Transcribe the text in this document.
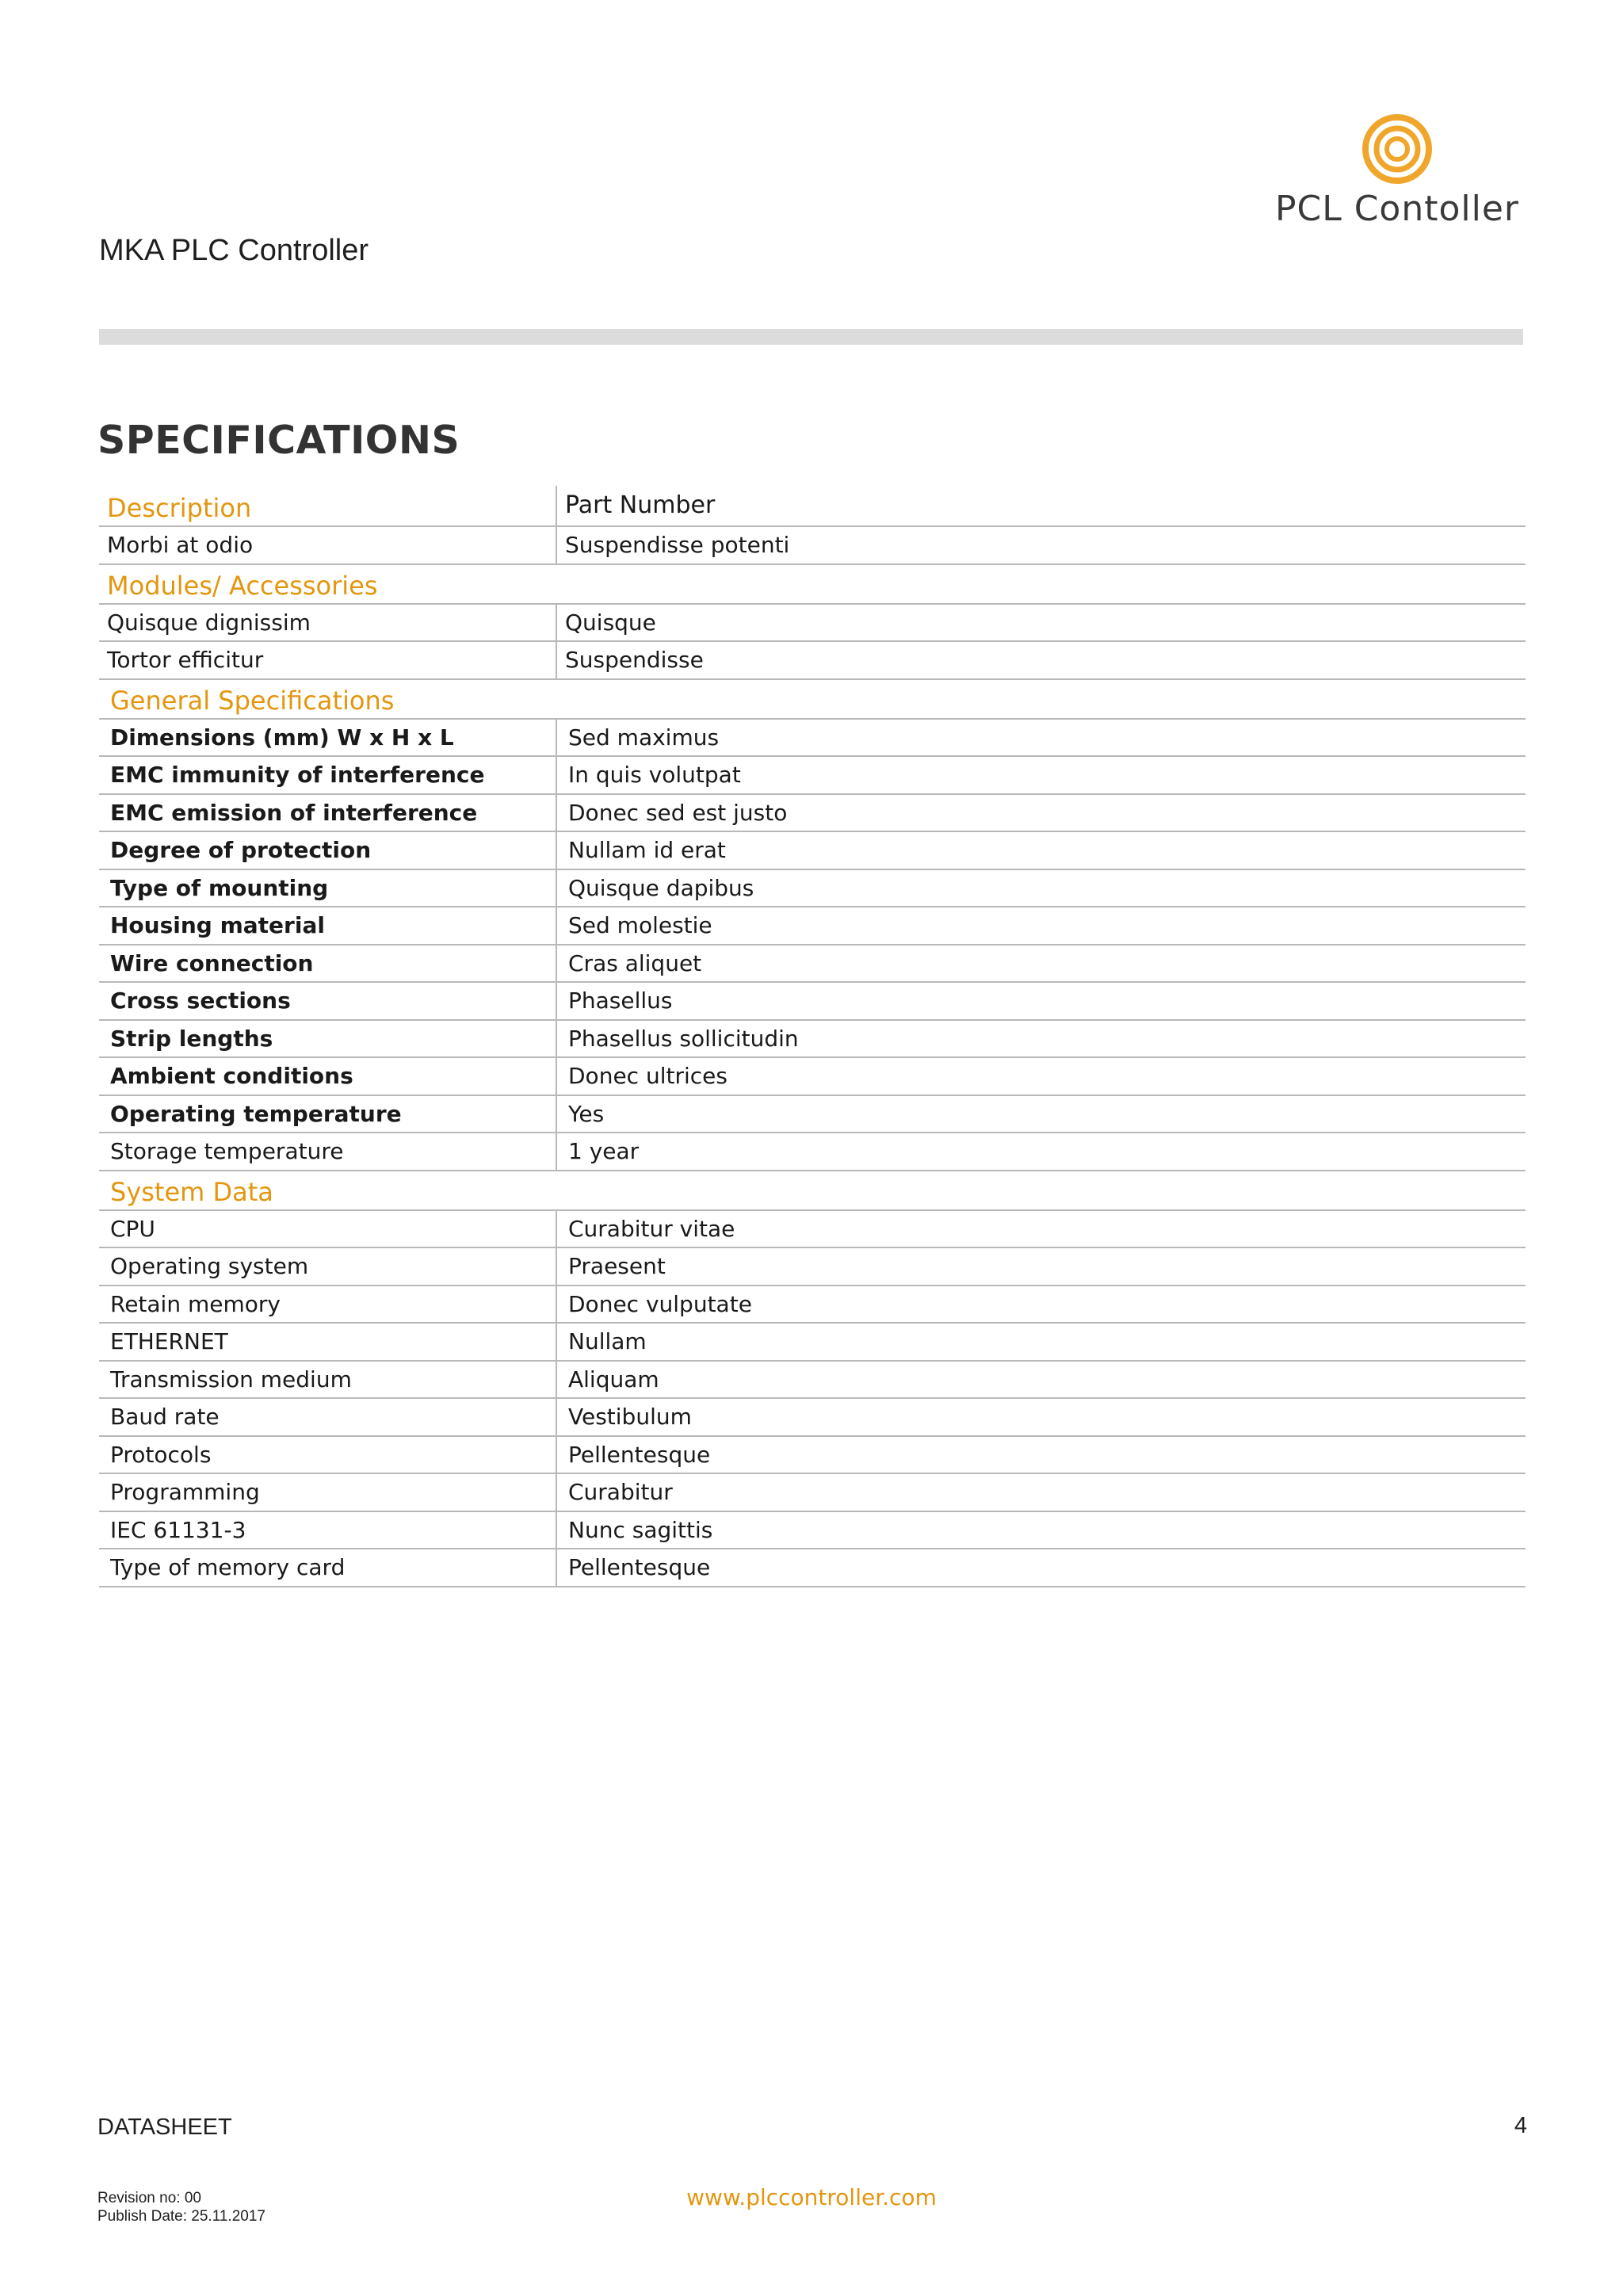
PCL Contoller
MKA PLC Controller
SPECIFICATIONS
Description	Part Number
Morbi at odio	Suspendisse potenti
Modules/ Accessories
Quisque dignissim	Quisque
Tortor efficitur	Suspendisse
General Specifications
Dimensions (mm) W x H x L	Sed maximus
EMC immunity of interference	In quis volutpat
EMC emission of interference	Donec sed est justo
Degree of protection	Nullam id erat
Type of mounting	Quisque dapibus
Housing material	Sed molestie
Wire connection	Cras aliquet
Cross sections	Phasellus
Strip lengths	Phasellus sollicitudin
Ambient conditions	Donec ultrices
Operating temperature	Yes
Storage temperature	1 year
System Data
CPU	Curabitur vitae
Operating system	Praesent
Retain memory	Donec vulputate
ETHERNET	Nullam
Transmission medium	Aliquam
Baud rate	Vestibulum
Protocols	Pellentesque
Programming	Curabitur
IEC 61131-3	Nunc sagittis
Type of memory card	Pellentesque
DATASHEET	4
Revision no: 00
Publish Date: 25.11.2017
www.plccontroller.com
